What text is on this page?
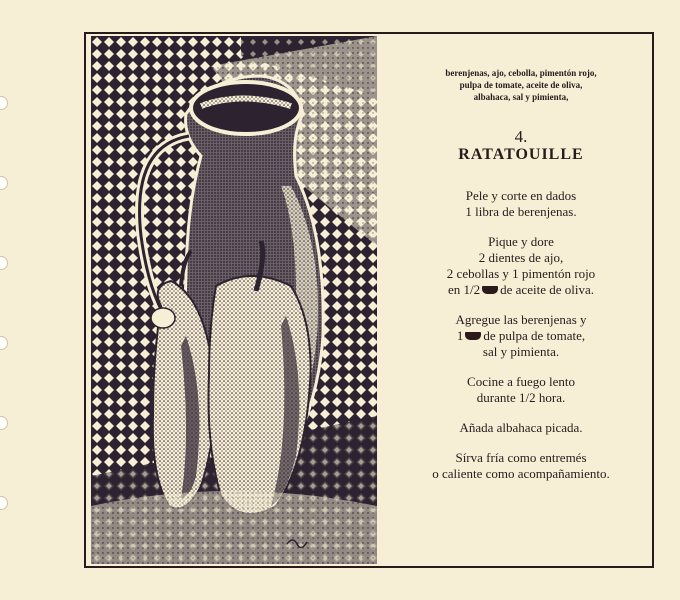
berenjenas, ajo, cebolla, pimentón rojo,
pulpa de tomate, aceite de oliva,
albahaca, sal y pimienta,
4.
RATATOUILLE
Pele y corte en dados
1 libra de berenjenas.
Pique y dore
2 dientes de ajo,
2 cebollas y 1 pimentón rojo
en 1/2 de aceite de oliva.
Agregue las berenjenas y
1 de pulpa de tomate,
sal y pimienta.
Cocine a fuego lento
durante 1/2 hora.
Añada albahaca picada.
Sírva fría como entremés
o caliente como acompañamiento.
